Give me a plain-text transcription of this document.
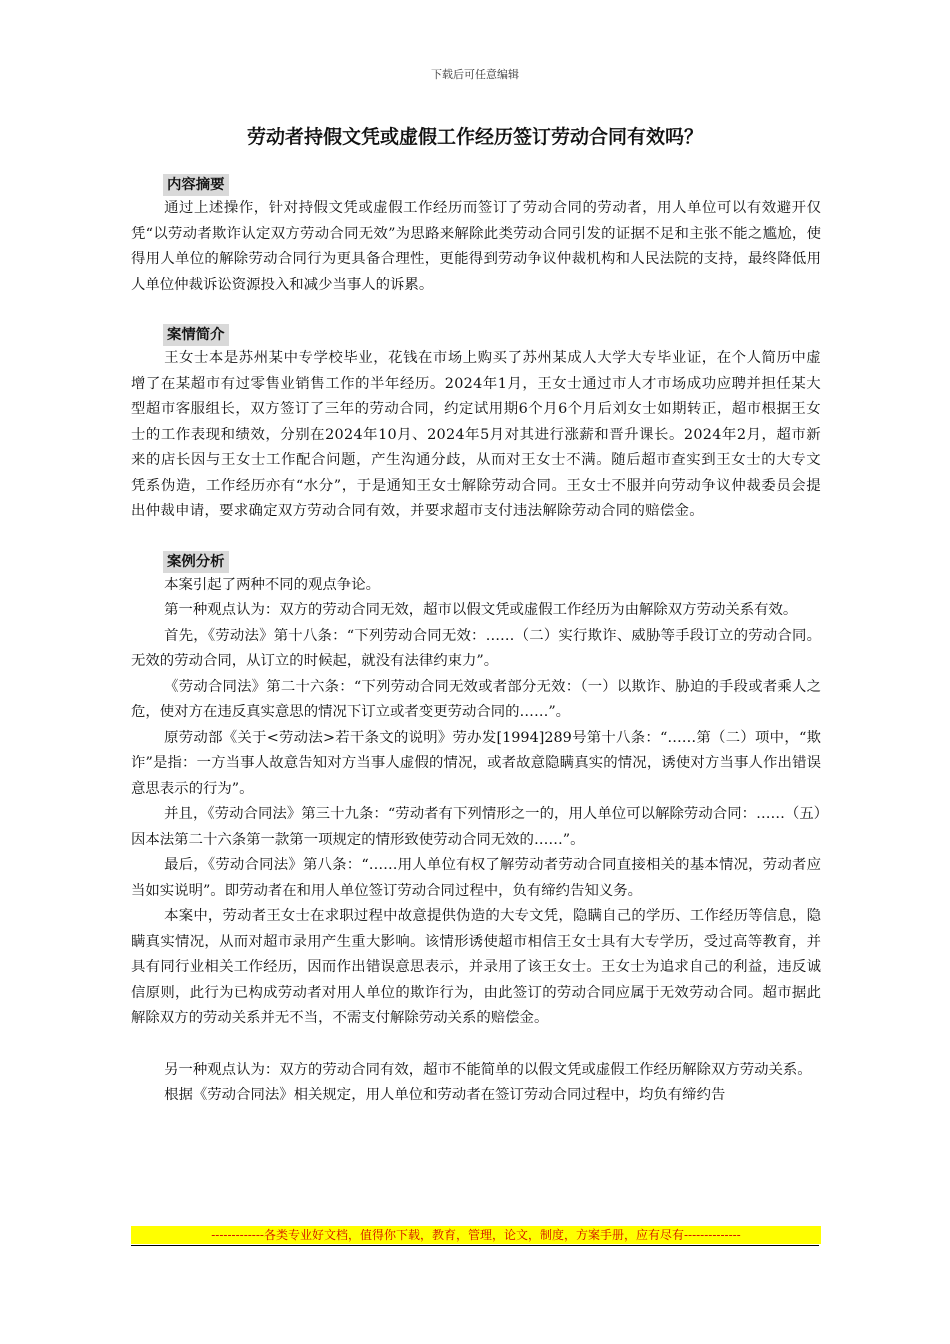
下载后可任意编辑
劳动者持假文凭或虚假工作经历签订劳动合同有效吗？
内容摘要

通过上述操作，针对持假文凭或虚假工作经历而签订了劳动合同的劳动者，用人单位可以有效避开仅凭“以劳动者欺诈认定双方劳动合同无效”为思路来解除此类劳动合同引发的证据不足和主张不能之尴尬，使得用人单位的解除劳动合同行为更具备合理性，更能得到劳动争议仲裁机构和人民法院的支持，最终降低用人单位仲裁诉讼资源投入和减少当事人的诉累。

案情简介

王女士本是苏州某中专学校毕业，花钱在市场上购买了苏州某成人大学大专毕业证，在个人简历中虚增了在某超市有过零售业销售工作的半年经历。2024年1月，王女士通过市人才市场成功应聘并担任某大型超市客服组长，双方签订了三年的劳动合同，约定试用期6个月6个月后刘女士如期转正，超市根据王女士的工作表现和绩效，分别在2024年10月、2024年5月对其进行涨薪和晋升课长。2024年2月，超市新来的店长因与王女士工作配合问题，产生沟通分歧，从而对王女士不满。随后超市查实到王女士的大专文凭系伪造，工作经历亦有“水分”，于是通知王女士解除劳动合同。王女士不服并向劳动争议仲裁委员会提出仲裁申请，要求确定双方劳动合同有效，并要求超市支付违法解除劳动合同的赔偿金。

案例分析

本案引起了两种不同的观点争论。

第一种观点认为：双方的劳动合同无效，超市以假文凭或虚假工作经历为由解除双方劳动关系有效。

首先，《劳动法》第十八条：“下列劳动合同无效：……（二）实行欺诈、威胁等手段订立的劳动合同。无效的劳动合同，从订立的时候起，就没有法律约束力”。

《劳动合同法》第二十六条：“下列劳动合同无效或者部分无效：（一）以欺诈、胁迫的手段或者乘人之危，使对方在违反真实意思的情况下订立或者变更劳动合同的……”。

原劳动部《关于<劳动法>若干条文的说明》劳办发[1994]289号第十八条：“……第（二）项中，“欺诈”是指：一方当事人故意告知对方当事人虚假的情况，或者故意隐瞒真实的情况，诱使对方当事人作出错误意思表示的行为”。

并且，《劳动合同法》第三十九条：“劳动者有下列情形之一的，用人单位可以解除劳动合同：……（五）因本法第二十六条第一款第一项规定的情形致使劳动合同无效的……”。

最后，《劳动合同法》第八条：“……用人单位有权了解劳动者劳动合同直接相关的基本情况，劳动者应当如实说明”。即劳动者在和用人单位签订劳动合同过程中，负有缔约告知义务。

本案中，劳动者王女士在求职过程中故意提供伪造的大专文凭，隐瞒自己的学历、工作经历等信息，隐瞒真实情况，从而对超市录用产生重大影响。该情形诱使超市相信王女士具有大专学历，受过高等教育，并具有同行业相关工作经历，因而作出错误意思表示，并录用了该王女士。王女士为追求自己的利益，违反诚信原则，此行为已构成劳动者对用人单位的欺诈行为，由此签订的劳动合同应属于无效劳动合同。超市据此解除双方的劳动关系并无不当，不需支付解除劳动关系的赔偿金。

另一种观点认为：双方的劳动合同有效，超市不能简单的以假文凭或虚假工作经历解除双方劳动关系。

根据《劳动合同法》相关规定，用人单位和劳动者在签订劳动合同过程中，均负有缔约告

-------------各类专业好文档，值得你下载，教育，管理，论文，制度，方案手册，应有尽有--------------
